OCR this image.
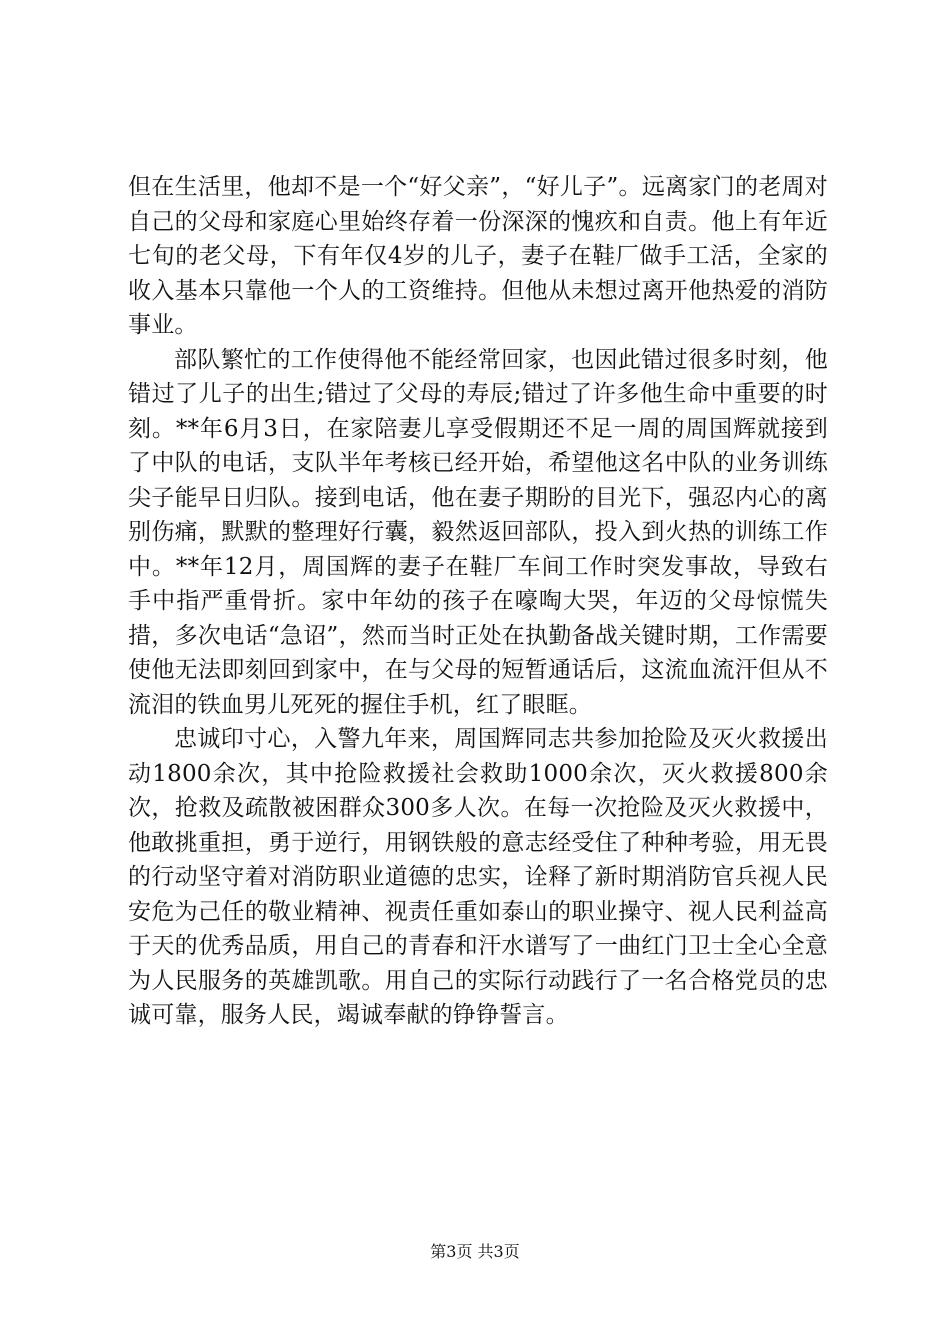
但在生活里，他却不是一个“好父亲”，“好儿子”。远离家门的老周对自己的父母和家庭心里始终存着一份深深的愧疚和自责。他上有年近七旬的老父母，下有年仅4岁的儿子，妻子在鞋厂做手工活，全家的收入基本只靠他一个人的工资维持。但他从未想过离开他热爱的消防事业。

部队繁忙的工作使得他不能经常回家，也因此错过很多时刻，他错过了儿子的出生;错过了父母的寿辰;错过了许多他生命中重要的时刻。**年6月3日，在家陪妻儿享受假期还不足一周的周国辉就接到了中队的电话，支队半年考核已经开始，希望他这名中队的业务训练尖子能早日归队。接到电话，他在妻子期盼的目光下，强忍内心的离别伤痛，默默的整理好行囊，毅然返回部队，投入到火热的训练工作中。**年12月，周国辉的妻子在鞋厂车间工作时突发事故，导致右手中指严重骨折。家中年幼的孩子在嚎啕大哭，年迈的父母惊慌失措，多次电话“急诏”，然而当时正处在执勤备战关键时期，工作需要使他无法即刻回到家中，在与父母的短暂通话后，这流血流汗但从不流泪的铁血男儿死死的握住手机，红了眼眶。

忠诚印寸心，入警九年来，周国辉同志共参加抢险及灭火救援出动1800余次，其中抢险救援社会救助1000余次，灭火救援800余次，抢救及疏散被困群众300多人次。在每一次抢险及灭火救援中，他敢挑重担，勇于逆行，用钢铁般的意志经受住了种种考验，用无畏的行动坚守着对消防职业道德的忠实，诠释了新时期消防官兵视人民安危为己任的敬业精神、视责任重如泰山的职业操守、视人民利益高于天的优秀品质，用自己的青春和汗水谱写了一曲红门卫士全心全意为人民服务的英雄凯歌。用自己的实际行动践行了一名合格党员的忠诚可靠，服务人民，竭诚奉献的铮铮誓言。

第3页 共3页
